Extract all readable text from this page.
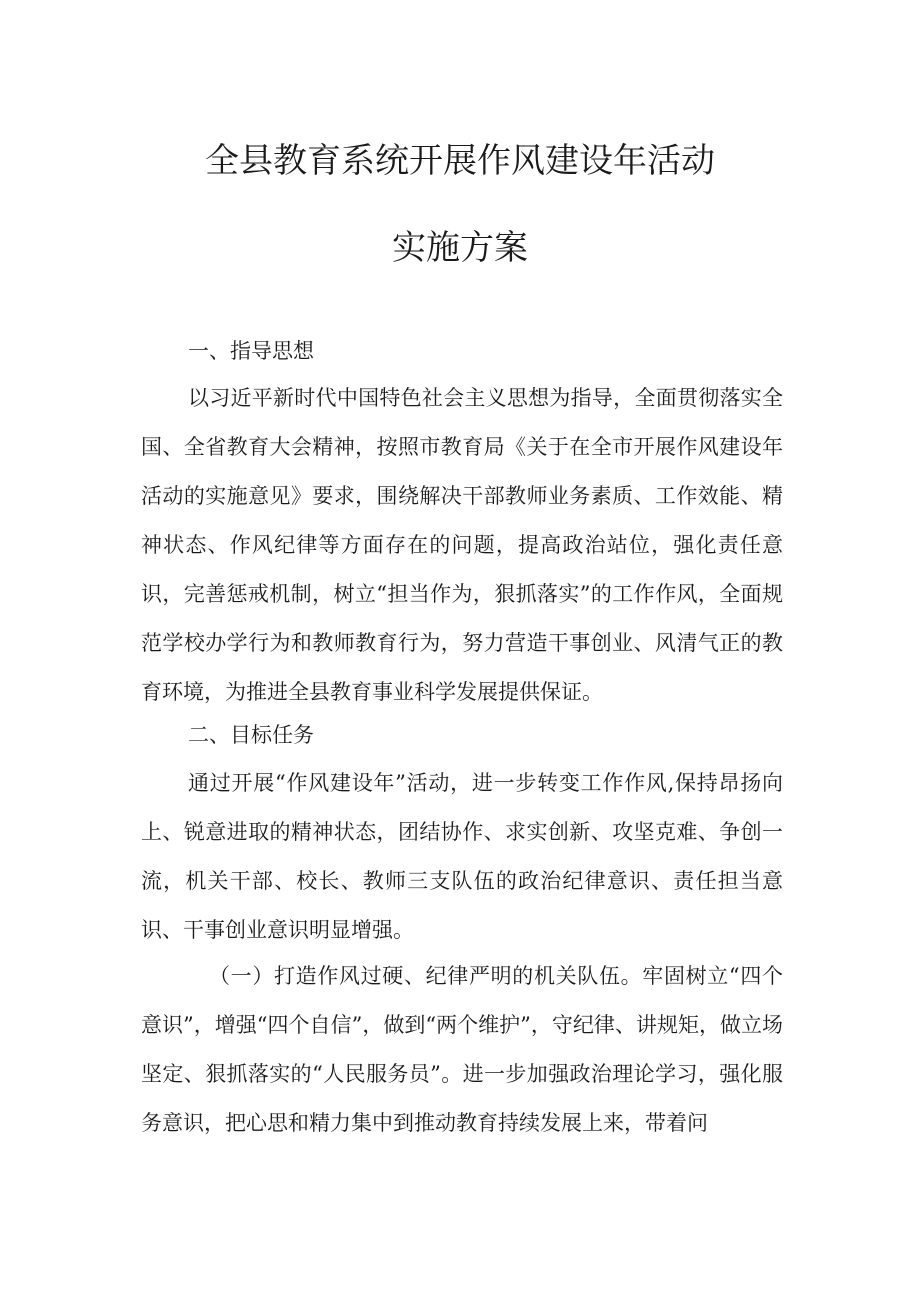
全县教育系统开展作风建设年活动
实施方案

一、指导思想

以习近平新时代中国特色社会主义思想为指导，全面贯彻落实全国、全省教育大会精神，按照市教育局《关于在全市开展作风建设年活动的实施意见》要求，围绕解决干部教师业务素质、工作效能、精神状态、作风纪律等方面存在的问题，提高政治站位，强化责任意识，完善惩戒机制，树立“担当作为，狠抓落实”的工作作风，全面规范学校办学行为和教师教育行为，努力营造干事创业、风清气正的教育环境，为推进全县教育事业科学发展提供保证。

二、目标任务

通过开展“作风建设年”活动，进一步转变工作作风,保持昂扬向上、锐意进取的精神状态，团结协作、求实创新、攻坚克难、争创一流，机关干部、校长、教师三支队伍的政治纪律意识、责任担当意识、干事创业意识明显增强。

（一）打造作风过硬、纪律严明的机关队伍。牢固树立“四个意识”，增强“四个自信”，做到“两个维护”，守纪律、讲规矩，做立场坚定、狠抓落实的“人民服务员”。进一步加强政治理论学习，强化服务意识，把心思和精力集中到推动教育持续发展上来，带着问
